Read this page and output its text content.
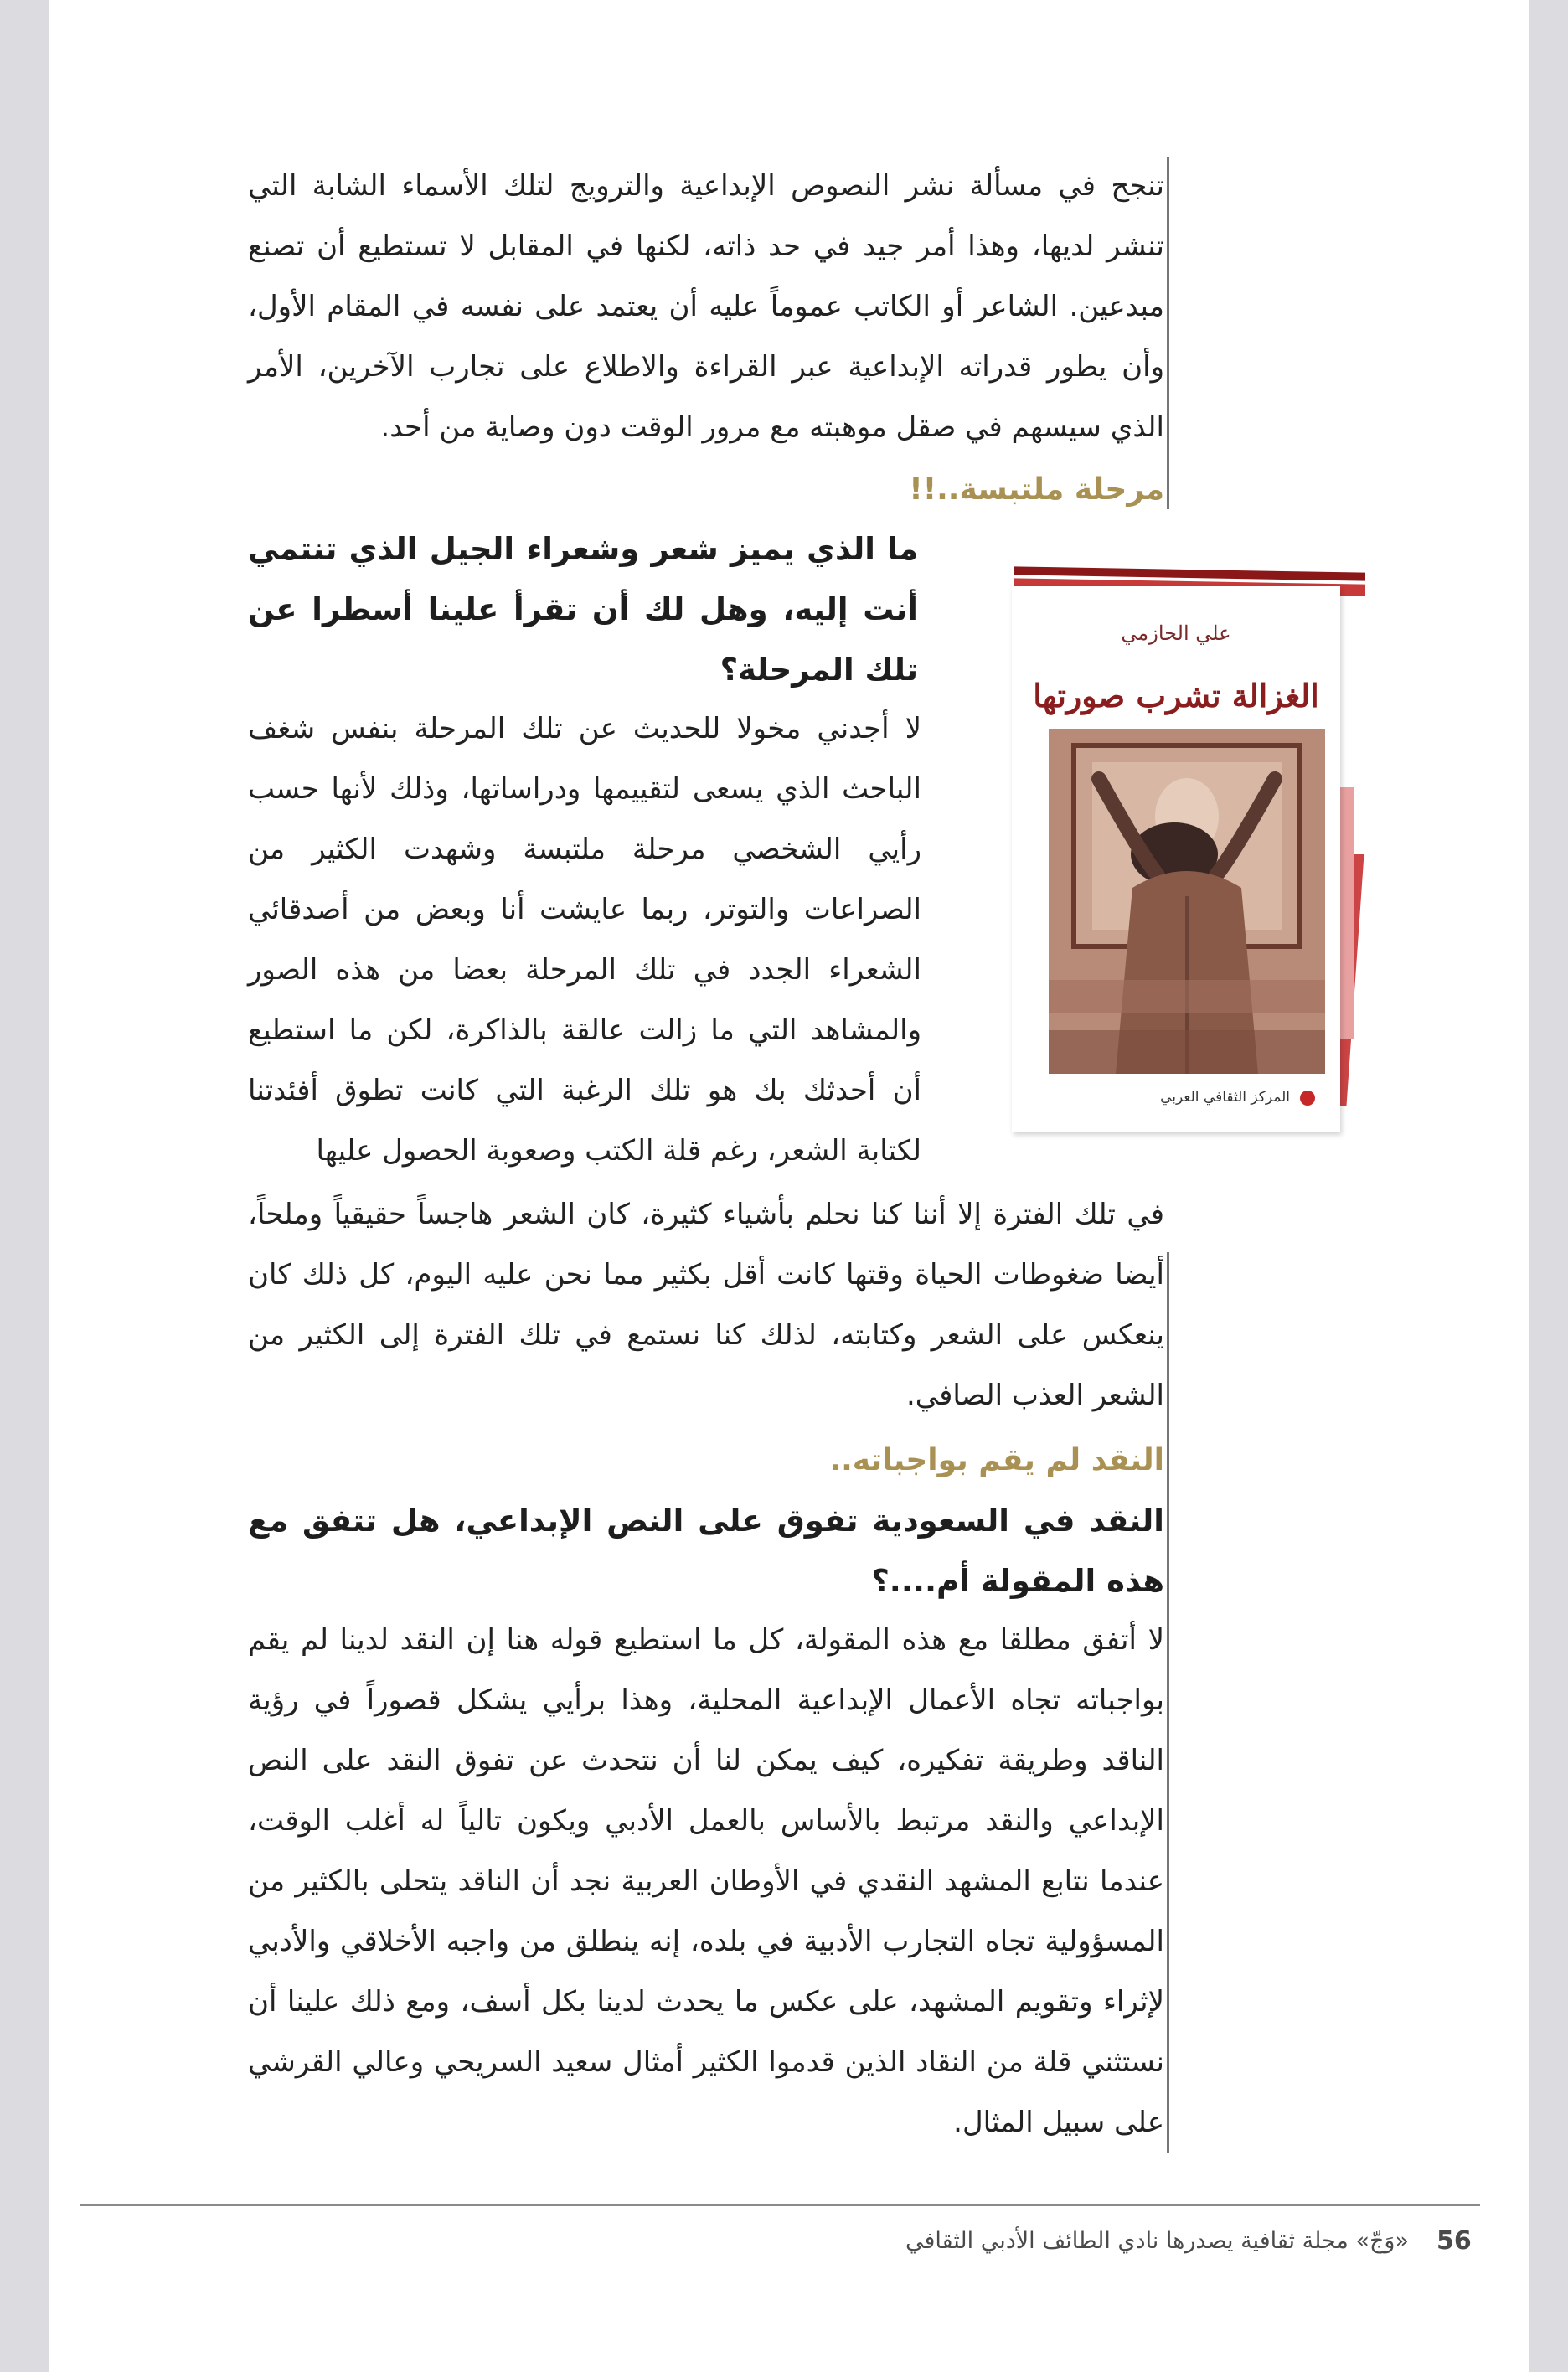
تنجح في مسألة نشر النصوص الإبداعية والترويج لتلك الأسماء الشابة التي تنشر لديها، وهذا أمر جيد في حد ذاته، لكنها في المقابل لا تستطيع أن تصنع مبدعين. الشاعر أو الكاتب عموماً عليه أن يعتمد على نفسه في المقام الأول، وأن يطور قدراته الإبداعية عبر القراءة والاطلاع على تجارب الآخرين، الأمر الذي سيسهم في صقل موهبته مع مرور الوقت دون وصاية من أحد.

مرحلة ملتبسة..!!

ما الذي يميز شعر وشعراء الجيل الذي تنتمي أنت إليه، وهل لك أن تقرأ علينا أسطرا عن تلك المرحلة؟

لا أجدني مخولا للحديث عن تلك المرحلة بنفس شغف الباحث الذي يسعى لتقييمها ودراساتها، وذلك لأنها حسب رأيي الشخصي مرحلة ملتبسة وشهدت الكثير من الصراعات والتوتر، ربما عايشت أنا وبعض من أصدقائي الشعراء الجدد في تلك المرحلة بعضا من هذه الصور والمشاهد التي ما زالت عالقة بالذاكرة، لكن ما استطيع أن أحدثك بك هو تلك الرغبة التي كانت تطوق أفئدتنا لكتابة الشعر، رغم قلة الكتب وصعوبة الحصول عليها

في تلك الفترة إلا أننا كنا نحلم بأشياء كثيرة، كان الشعر هاجساً حقيقياً وملحاً، أيضا ضغوطات الحياة وقتها كانت أقل بكثير مما نحن عليه اليوم، كل ذلك كان ينعكس على الشعر وكتابته، لذلك كنا نستمع في تلك الفترة إلى الكثير من الشعر العذب الصافي.

النقد لم يقم بواجباته..

النقد في السعودية تفوق على النص الإبداعي، هل تتفق مع هذه المقولة أم....؟

لا أتفق مطلقا مع هذه المقولة، كل ما استطيع قوله هنا إن النقد لدينا لم يقم بواجباته تجاه الأعمال الإبداعية المحلية، وهذا برأيي يشكل قصوراً في رؤية الناقد وطريقة تفكيره، كيف يمكن لنا أن نتحدث عن تفوق النقد على النص الإبداعي والنقد مرتبط بالأساس بالعمل الأدبي ويكون تالياً له أغلب الوقت، عندما نتابع المشهد النقدي في الأوطان العربية نجد أن الناقد يتحلى بالكثير من المسؤولية تجاه التجارب الأدبية في بلده، إنه ينطلق من واجبه الأخلاقي والأدبي لإثراء وتقويم المشهد، على عكس ما يحدث لدينا بكل أسف، ومع ذلك علينا أن نستثني قلة من النقاد الذين قدموا الكثير أمثال سعيد السريحي وعالي القرشي على سبيل المثال.

علي الحازمي
الغزالة تشرب صورتها
المركز الثقافي العربي
56
«وَجّ» مجلة ثقافية يصدرها نادي الطائف الأدبي الثقافي
